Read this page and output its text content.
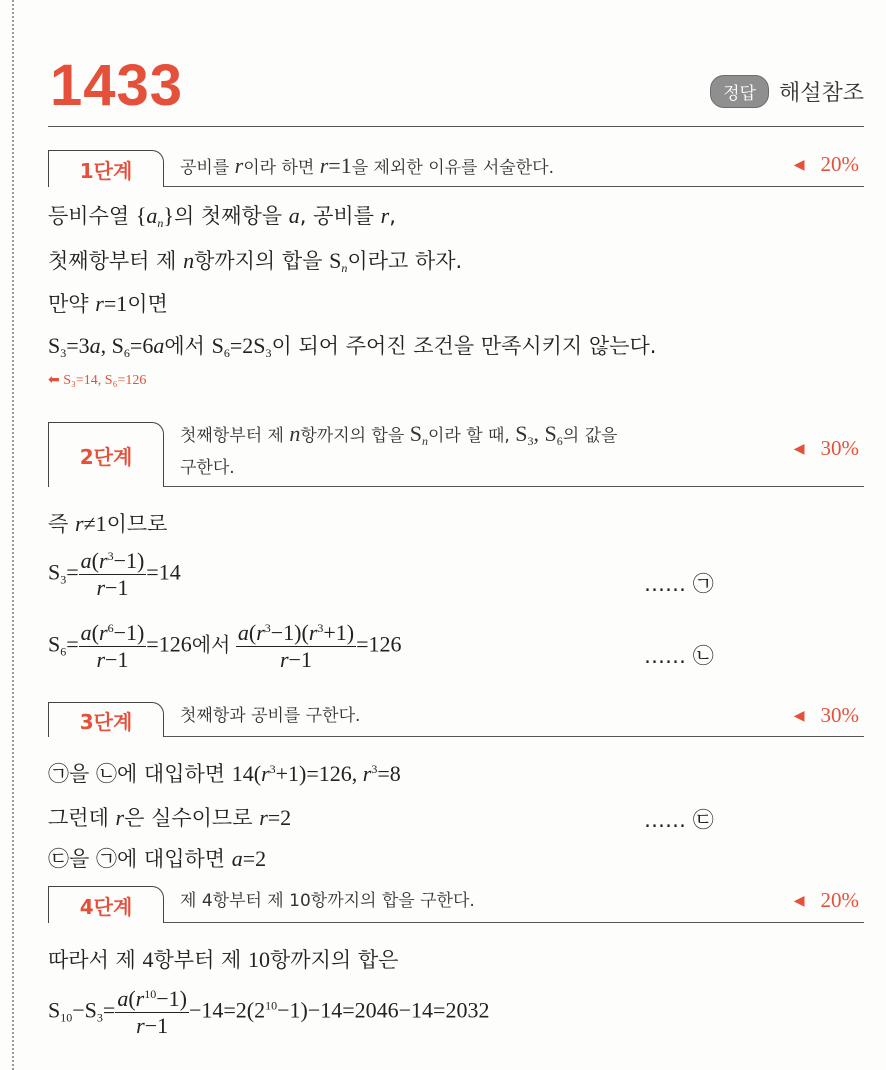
1433	정답	해설참조
1단계	공비를 r이라 하면 r=1을 제외한 이유를 서술한다.	◀ 20%
등비수열 $\{a_n\}$의 첫째항을 a, 공비를 r,
첫째항부터 제 n항까지의 합을 $S_n$이라고 하자.
만약 r=1이면
$S_3=3a$, $S_6=6a$에서 $S_6=2S_3$이 되어 주어진 조건을 만족시키지 않는다.
⬅ S₃=14, S₆=126
2단계
첫째항부터 제 n항까지의 합을 $S_n$이라 할 때, $S_3$, $S_6$의 값을
구한다.
◀ 30%
즉 r≠1이므로
$S_3= \frac{a(r^3-1)}{r-1} =14$	…… ㉠
$S_6= \frac{a(r^6-1)}{r-1} =126$에서 $\frac{a(r^3-1)(r^3+1)}{r-1} =126$	…… ㉡
3단계	첫째항과 공비를 구한다.	◀ 30%
㉠을 ㉡에 대입하면 $14(r^3+1)=126$, $r^3=8$
그런데 r은 실수이므로 r=2	…… ㉢
㉢을 ㉠에 대입하면 a=2
4단계	제 4항부터 제 10항까지의 합을 구한다.	◀ 20%
따라서 제 4항부터 제 10항까지의 합은
$S_{10}-S_3= \frac{a(r^{10}-1)}{r-1} -14=2(2^{10}-1)-14=2046-14=2032$
